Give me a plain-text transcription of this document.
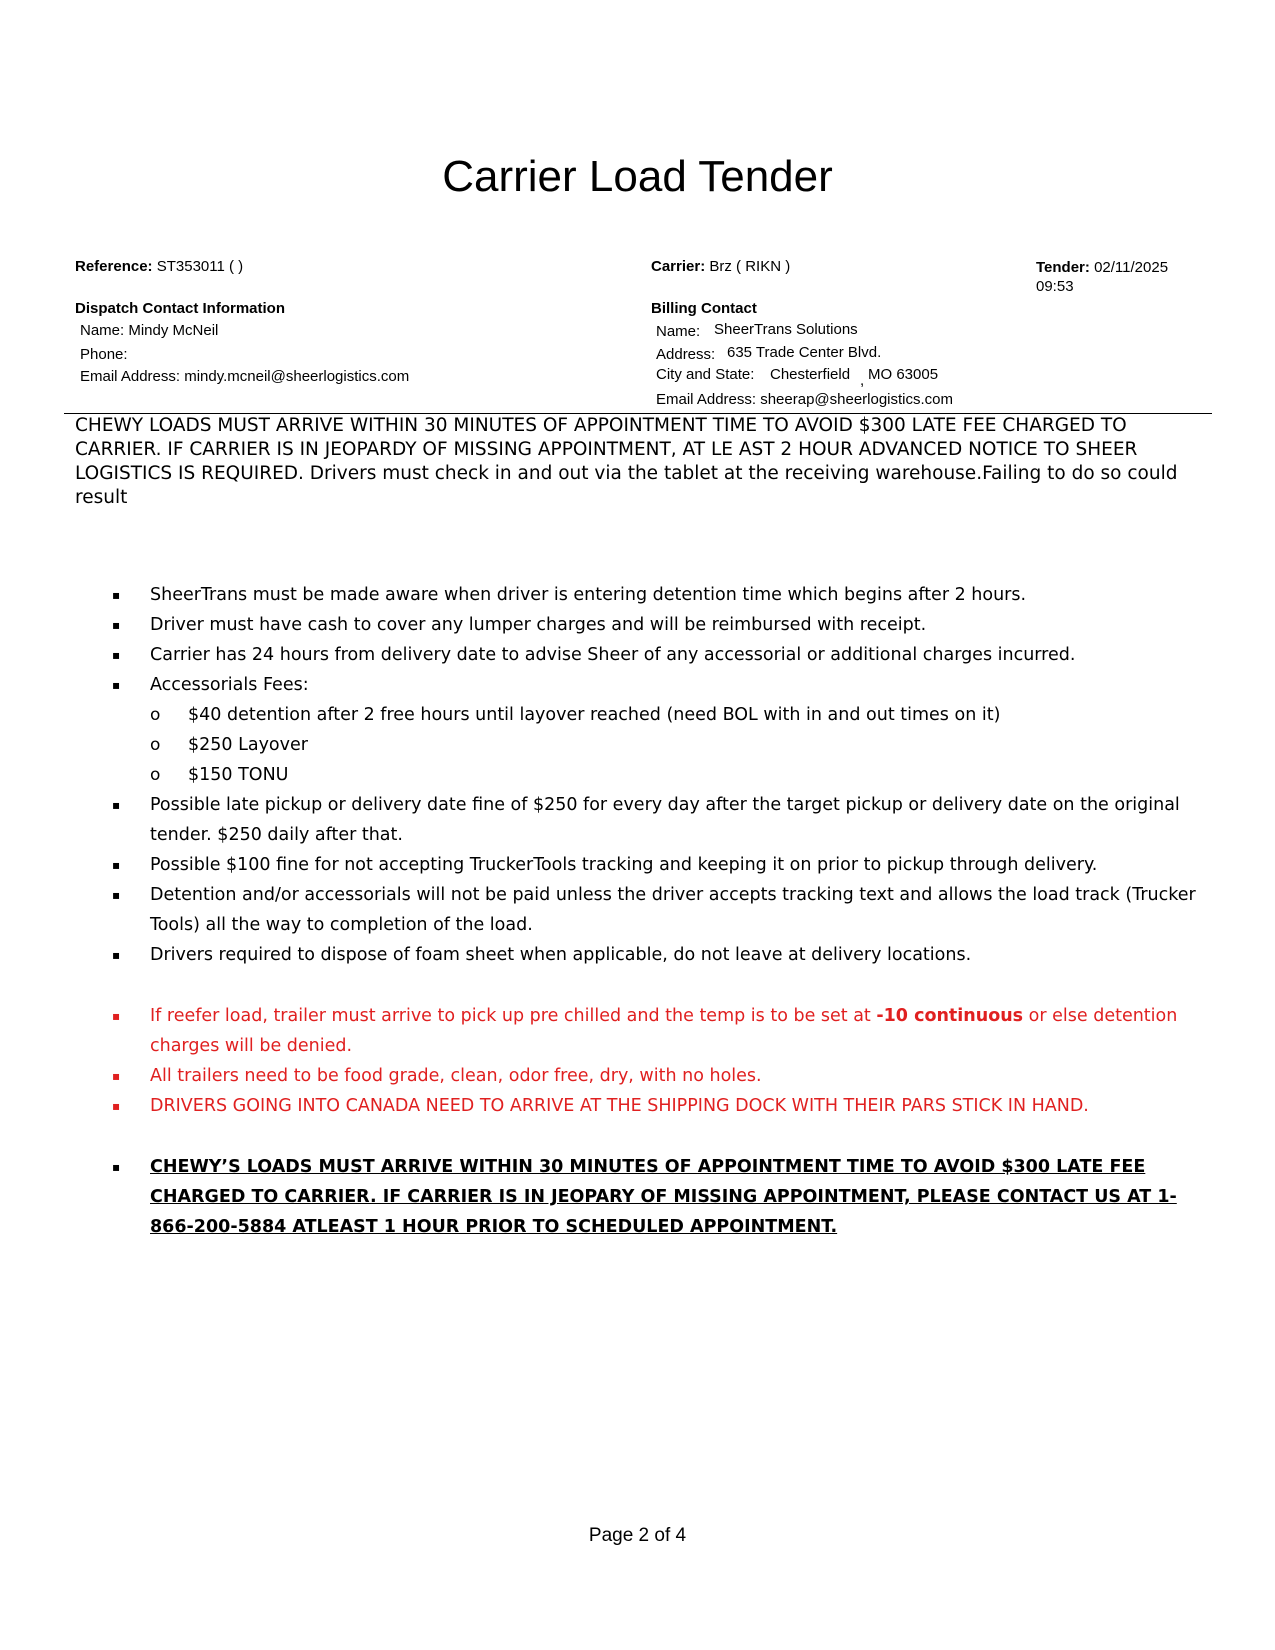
Carrier Load Tender
Reference: ST353011 ( )	Carrier: Brz ( RIKN )	Tender: 02/11/2025
09:53
Dispatch Contact Information
Name: Mindy McNeil
Phone:
Email Address: mindy.mcneil@sheerlogistics.com
Billing Contact
Name: SheerTrans Solutions
Address: 635 Trade Center Blvd.
City and State: Chesterfield , MO 63005
Email Address: sheerap@sheerlogistics.com
CHEWY LOADS MUST ARRIVE WITHIN 30 MINUTES OF APPOINTMENT TIME TO AVOID $300 LATE FEE CHARGED TO CARRIER. IF CARRIER IS IN JEOPARDY OF MISSING APPOINTMENT, AT LE AST 2 HOUR ADVANCED NOTICE TO SHEER LOGISTICS IS REQUIRED. Drivers must check in and out via the tablet at the receiving warehouse.Failing to do so could result
▪ SheerTrans must be made aware when driver is entering detention time which begins after 2 hours.
▪ Driver must have cash to cover any lumper charges and will be reimbursed with receipt.
▪ Carrier has 24 hours from delivery date to advise Sheer of any accessorial or additional charges incurred.
▪ Accessorials Fees:
o $40 detention after 2 free hours until layover reached (need BOL with in and out times on it)
o $250 Layover
o $150 TONU
▪ Possible late pickup or delivery date fine of $250 for every day after the target pickup or delivery date on the original tender. $250 daily after that.
▪ Possible $100 fine for not accepting TruckerTools tracking and keeping it on prior to pickup through delivery.
▪ Detention and/or accessorials will not be paid unless the driver accepts tracking text and allows the load track (Trucker Tools) all the way to completion of the load.
▪ Drivers required to dispose of foam sheet when applicable, do not leave at delivery locations.
▪ If reefer load, trailer must arrive to pick up pre chilled and the temp is to be set at -10 continuous or else detention charges will be denied.
▪ All trailers need to be food grade, clean, odor free, dry, with no holes.
▪ DRIVERS GOING INTO CANADA NEED TO ARRIVE AT THE SHIPPING DOCK WITH THEIR PARS STICK IN HAND.
▪ CHEWY’S LOADS MUST ARRIVE WITHIN 30 MINUTES OF APPOINTMENT TIME TO AVOID $300 LATE FEE CHARGED TO CARRIER. IF CARRIER IS IN JEOPARY OF MISSING APPOINTMENT, PLEASE CONTACT US AT 1-866-200-5884 ATLEAST 1 HOUR PRIOR TO SCHEDULED APPOINTMENT.
Page 2 of 4
